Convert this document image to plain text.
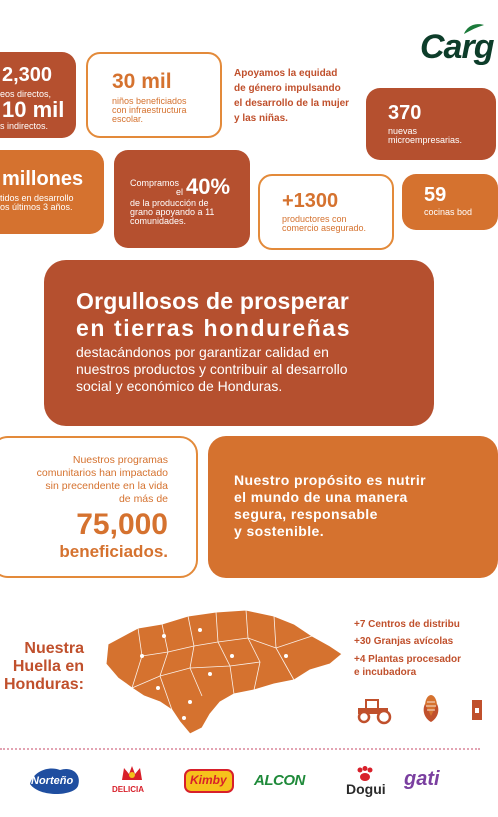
Carg
2,300
eos directos,
10 mil
s indirectos.
30 mil
niños beneficiados
con infraestructura
escolar.
Apoyamos la equidad
de género impulsando
el desarrollo de la mujer
y las niñas.	370
nuevas
microempresarias.
millones
tidos en desarrollo
os últimos 3 años.
Compramos
el 40%
de la producción de
grano apoyando a 11
comunidades.
+1300
productores con
comercio asegurado.
59
cocinas bod
Orgullosos de prosperar
en tierras hondureñas
destacándonos por garantizar calidad en
nuestros productos y contribuir al desarrollo
social y económico de Honduras.
Nuestros programas
comunitarios han impactado
sin precendente en la vida
de más de
75,000
beneficiados.
Nuestro propósito es nutrir
el mundo de una manera
segura, responsable
y sostenible.
Nuestra
Huella en
Honduras:
+7 Centros de distribu
+30 Granjas avícolas
+4 Plantas procesador
e incubadora
Norteño
DELICIA
Kimby ALCON	Dogui gati
